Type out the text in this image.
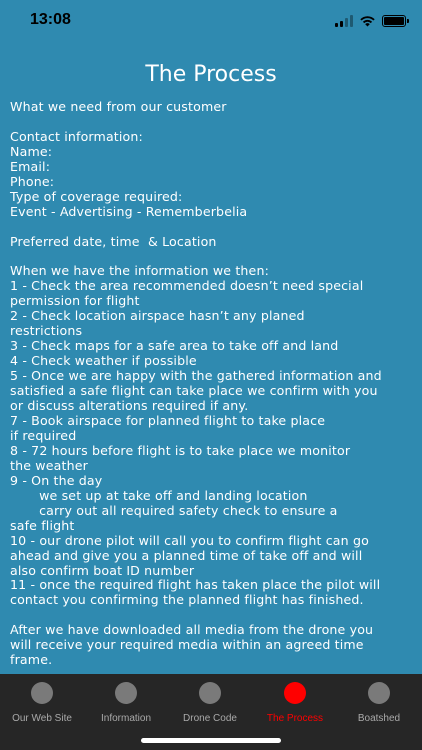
13:08
The Process
What we need from our customer
Contact information:
Name:
Email:
Phone:
Type of coverage required:
Event - Advertising - Rememberbelia
Preferred date, time  & Location
When we have the information we then:
1 - Check the area recommended doesn’t need special
permission for flight
2 - Check location airspace hasn’t any planed
restrictions
3 - Check maps for a safe area to take off and land
4 - Check weather if possible
5 - Once we are happy with the gathered information and
satisfied a safe flight can take place we confirm with you
or discuss alterations required if any.
7 - Book airspace for planned flight to take place
if required
8 - 72 hours before flight is to take place we monitor
the weather
9 - On the day
we set up at take off and landing location
carry out all required safety check to ensure a
safe flight
10 - our drone pilot will call you to confirm flight can go
ahead and give you a planned time of take off and will
also confirm boat ID number
11 - once the required flight has taken place the pilot will
contact you confirming the planned flight has finished.
After we have downloaded all media from the drone you
will receive your required media within an agreed time
frame.
Our Web Site	Information	Drone Code	The Process	Boatshed
